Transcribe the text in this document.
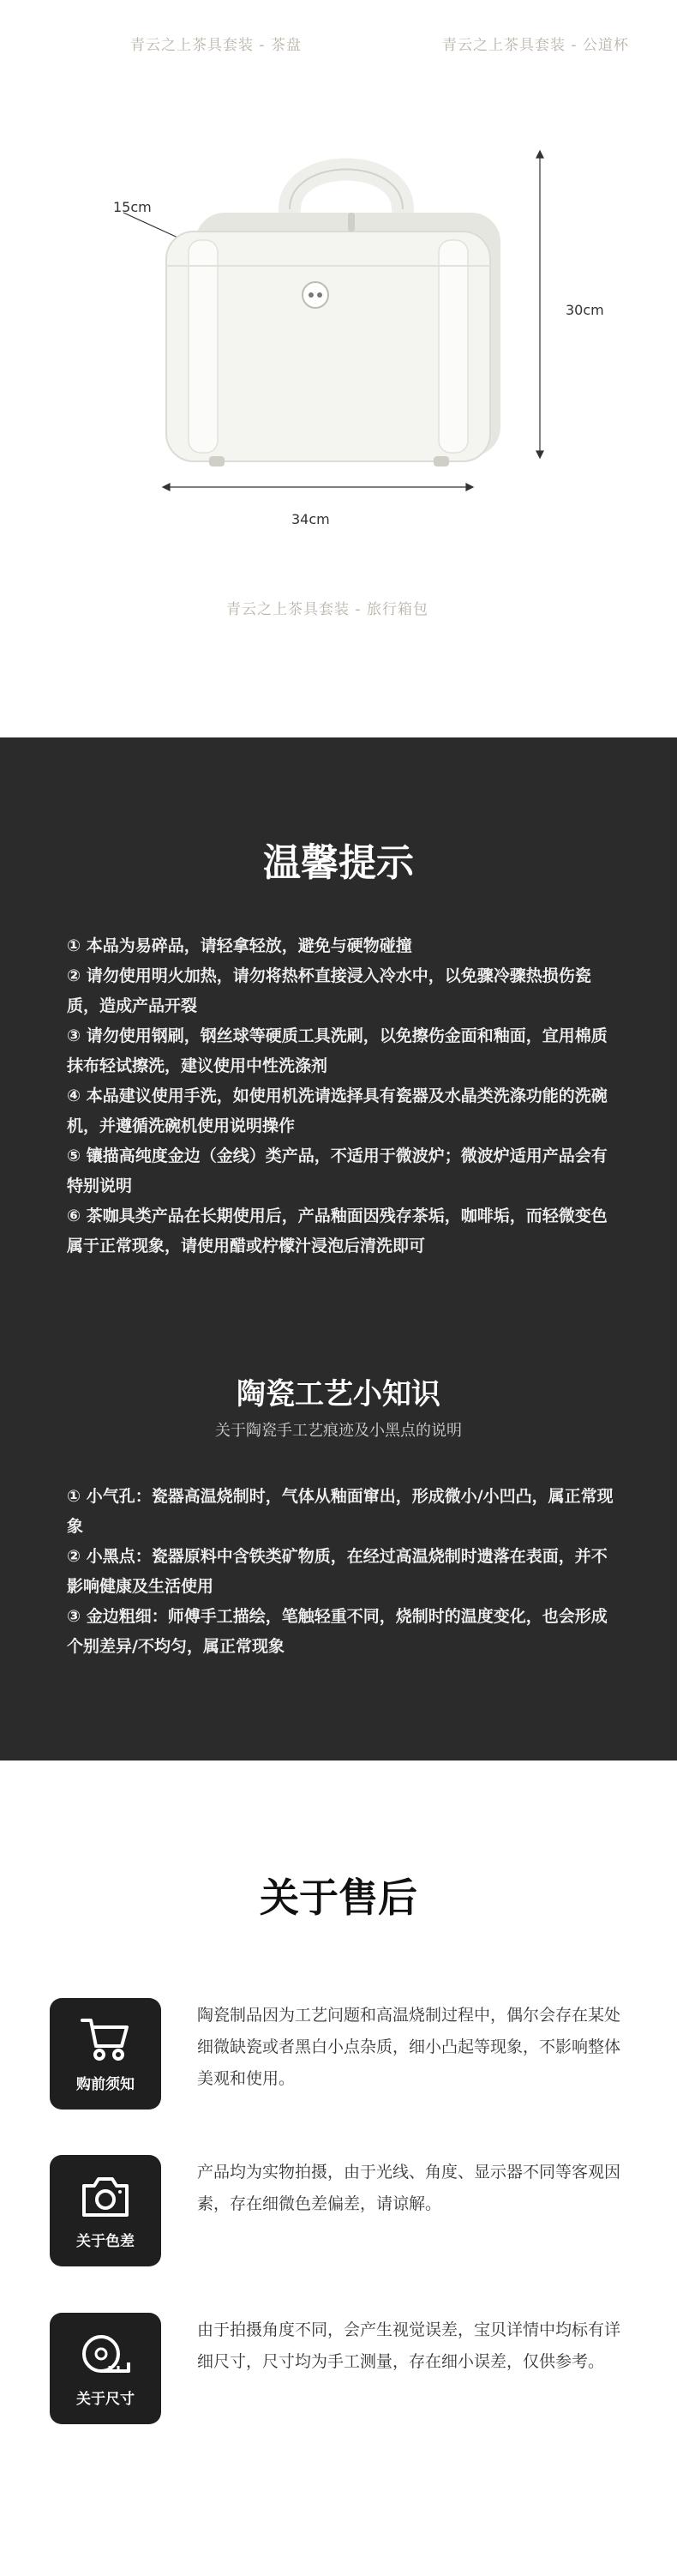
青云之上茶具套装 - 茶盘	青云之上茶具套装 - 公道杯
15cm
30cm
34cm
青云之上茶具套装 - 旅行箱包
温馨提示

① 本品为易碎品，请轻拿轻放，避免与硬物碰撞

② 请勿使用明火加热，请勿将热杯直接浸入冷水中，以免骤冷骤热损伤瓷质，造成产品开裂

③ 请勿使用钢刷，钢丝球等硬质工具洗刷，以免擦伤金面和釉面，宜用棉质抹布轻试擦洗，建议使用中性洗涤剂

④ 本品建议使用手洗，如使用机洗请选择具有瓷器及水晶类洗涤功能的洗碗机，并遵循洗碗机使用说明操作

⑤ 镶描高纯度金边（金线）类产品，不适用于微波炉；微波炉适用产品会有特别说明

⑥ 茶咖具类产品在长期使用后，产品釉面因残存茶垢，咖啡垢，而轻微变色属于正常现象，请使用醋或柠檬汁浸泡后清洗即可

陶瓷工艺小知识
关于陶瓷手工艺痕迹及小黑点的说明

① 小气孔：瓷器高温烧制时，气体从釉面窜出，形成微小/小凹凸，属正常现象

② 小黑点：瓷器原料中含铁类矿物质，在经过高温烧制时遗落在表面，并不影响健康及生活使用

③ 金边粗细：师傅手工描绘，笔触轻重不同，烧制时的温度变化，也会形成个别差异/不均匀，属正常现象

关于售后
购前须知
陶瓷制品因为工艺问题和高温烧制过程中，偶尔会存在某处细微缺瓷或者黑白小点杂质，细小凸起等现象，不影响整体美观和使用。
关于色差
产品均为实物拍摄，由于光线、角度、显示器不同等客观因素，存在细微色差偏差，请谅解。
关于尺寸
由于拍摄角度不同，会产生视觉误差，宝贝详情中均标有详细尺寸，尺寸均为手工测量，存在细小误差，仅供参考。
